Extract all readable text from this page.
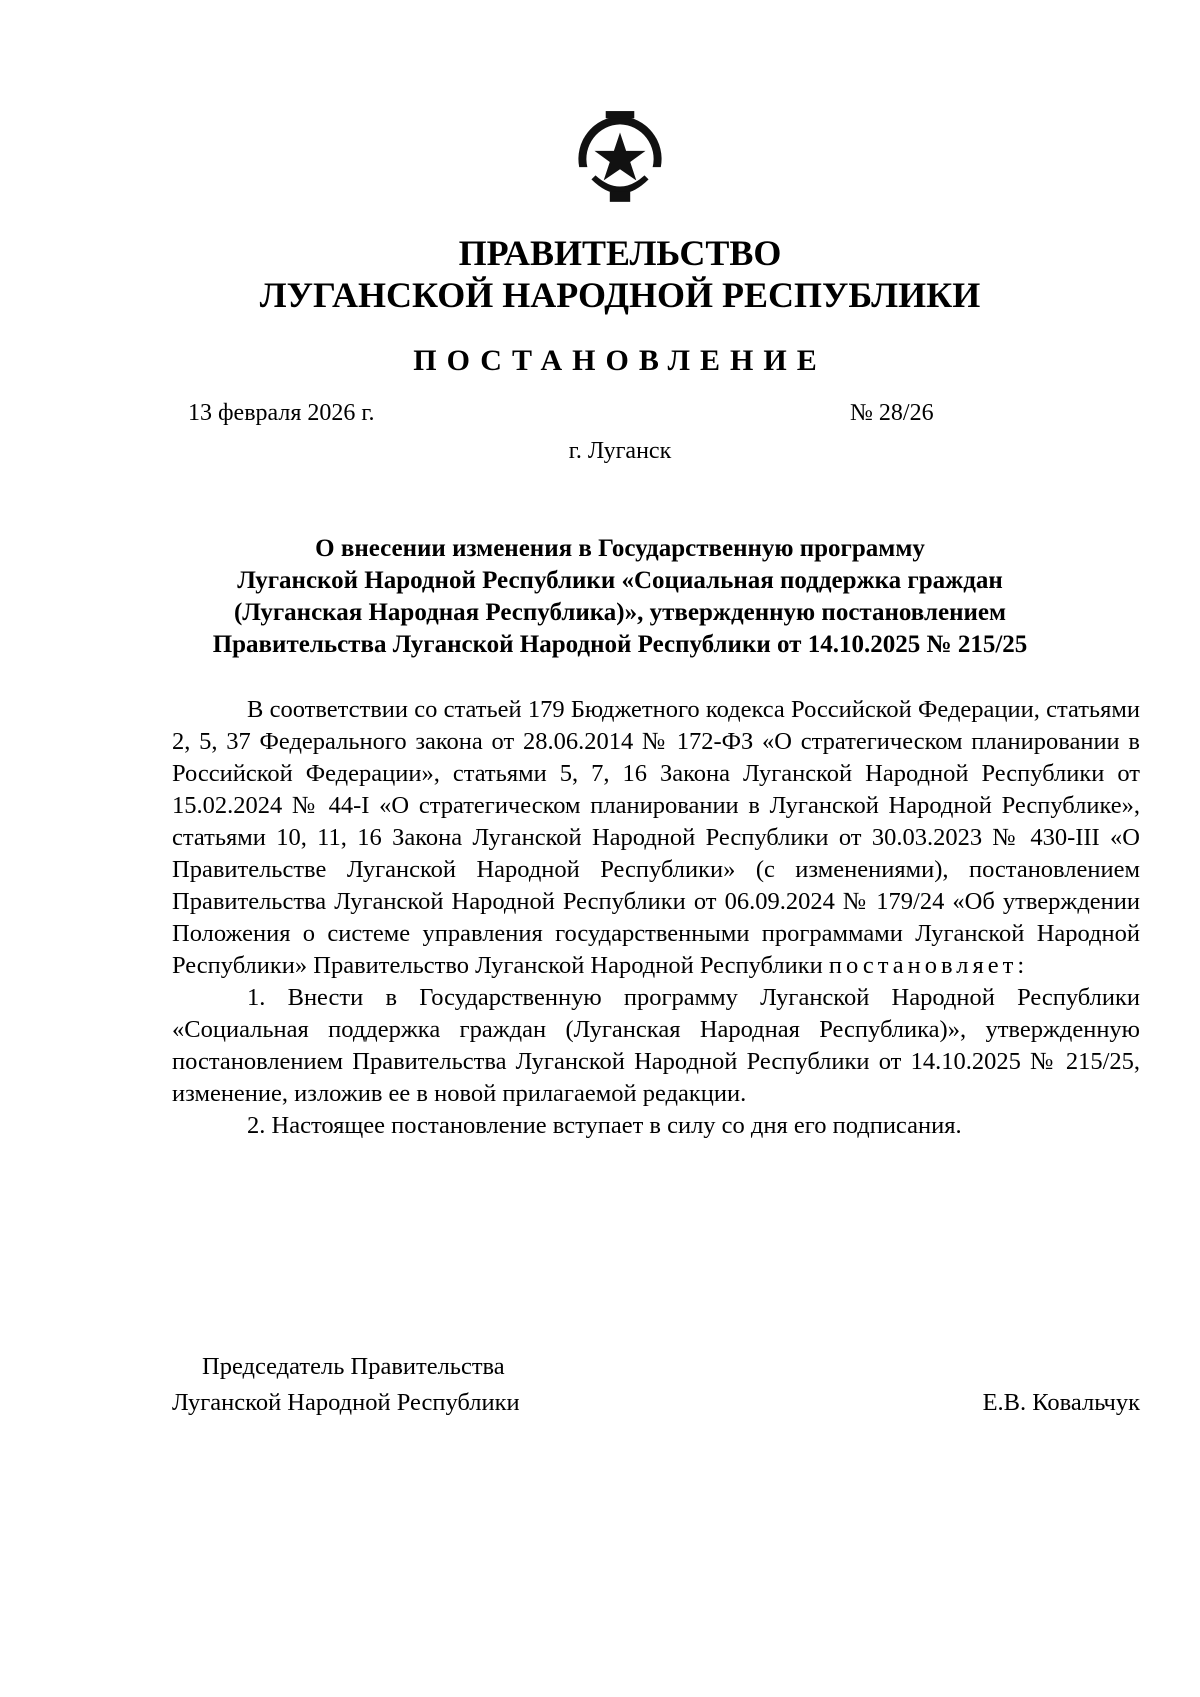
ПРАВИТЕЛЬСТВО
ЛУГАНСКОЙ НАРОДНОЙ РЕСПУБЛИКИ
ПОСТАНОВЛЕНИЕ
13 февраля 2026 г.	№ 28/26
г. Луганск
О внесении изменения в Государственную программу
Луганской Народной Республики «Социальная поддержка граждан
(Луганская Народная Республика)», утвержденную постановлением
Правительства Луганской Народной Республики от 14.10.2025 № 215/25

В соответствии со статьей 179 Бюджетного кодекса Российской Федерации, статьями 2, 5, 37 Федерального закона от 28.06.2014 № 172-ФЗ «О стратегическом планировании в Российской Федерации», статьями 5, 7, 16 Закона Луганской Народной Республики от 15.02.2024 № 44-I «О стратегическом планировании в Луганской Народной Республике», статьями 10, 11, 16 Закона Луганской Народной Республики от 30.03.2023 № 430-III «О Правительстве Луганской Народной Республики» (с изменениями), постановлением Правительства Луганской Народной Республики от 06.09.2024 № 179/24 «Об утверждении Положения о системе управления государственными программами Луганской Народной Республики» Правительство Луганской Народной Республики постановляет:

1. Внести в Государственную программу Луганской Народной Республики «Социальная поддержка граждан (Луганская Народная Республика)», утвержденную постановлением Правительства Луганской Народной Республики от 14.10.2025 № 215/25, изменение, изложив ее в новой прилагаемой редакции.

2. Настоящее постановление вступает в силу со дня его подписания.

Председатель Правительства
Луганской Народной Республики	Е.В. Ковальчук
